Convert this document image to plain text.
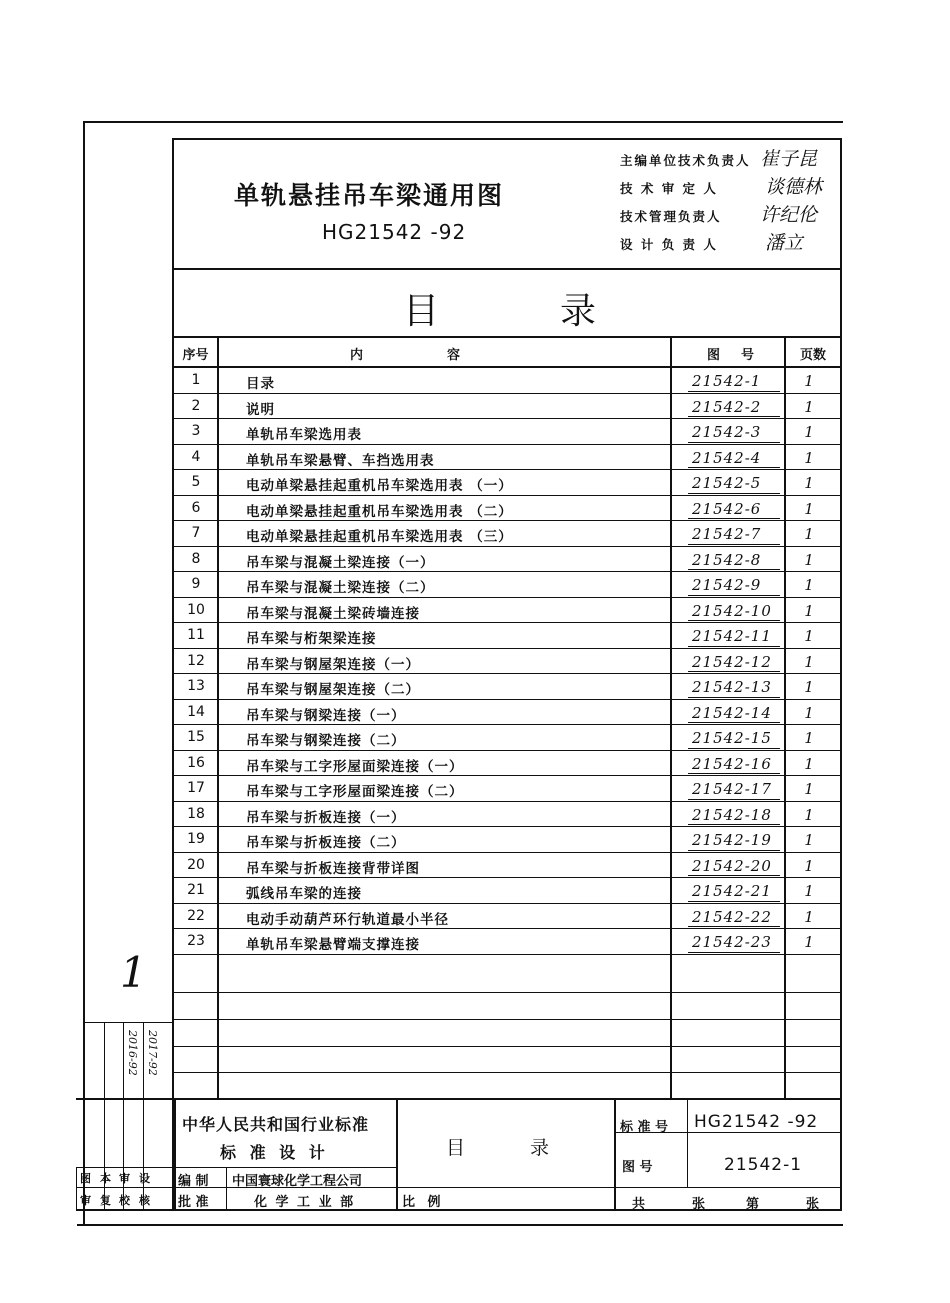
单轨悬挂吊车梁通用图
HG21542 -92
主编单位技术负责人 崔子昆
技 术 审 定 人 谈德林
技术管理负责人 许纪伦
设 计 负 责 人 潘立
目	录
序号	内	容	图 号	页数
1	目录	21542-1	1
2	说明	21542-2	1
3	单轨吊车梁选用表	21542-3	1
4	单轨吊车梁悬臂、车挡选用表	21542-4	1
5	电动单梁悬挂起重机吊车梁选用表 （一）	21542-5	1
6	电动单梁悬挂起重机吊车梁选用表 （二）	21542-6	1
7	电动单梁悬挂起重机吊车梁选用表 （三）	21542-7	1
8	吊车梁与混凝土梁连接（一）	21542-8	1
9	吊车梁与混凝土梁连接（二）	21542-9	1
10	吊车梁与混凝土梁砖墙连接	21542-10	1
11	吊车梁与桁架梁连接	21542-11	1
12	吊车梁与钢屋架连接（一）	21542-12	1
13	吊车梁与钢屋架连接（二）	21542-13	1
14	吊车梁与钢梁连接（一）	21542-14	1
15	吊车梁与钢梁连接（二）	21542-15	1
16	吊车梁与工字形屋面梁连接（一）	21542-16	1
17	吊车梁与工字形屋面梁连接（二）	21542-17	1
18	吊车梁与折板连接（一）	21542-18	1
19	吊车梁与折板连接（二）	21542-19	1
20	吊车梁与折板连接背带详图	21542-20	1
21	弧线吊车梁的连接	21542-21	1
22	电动手动葫芦环行轨道最小半径	21542-22	1
23	单轨吊车梁悬臂端支撑连接	21542-23	1
1
2016-92 2017-92
中华人民共和国行业标准
标 准 设 计	目	录
标 准 号 HG21542 -92
图 号	21542-1
编 制 中国寰球化学工程公司
批 准	化 学 工 业 部	比 例	共	张	第	张
图 本 审 设
审 复 校 核
